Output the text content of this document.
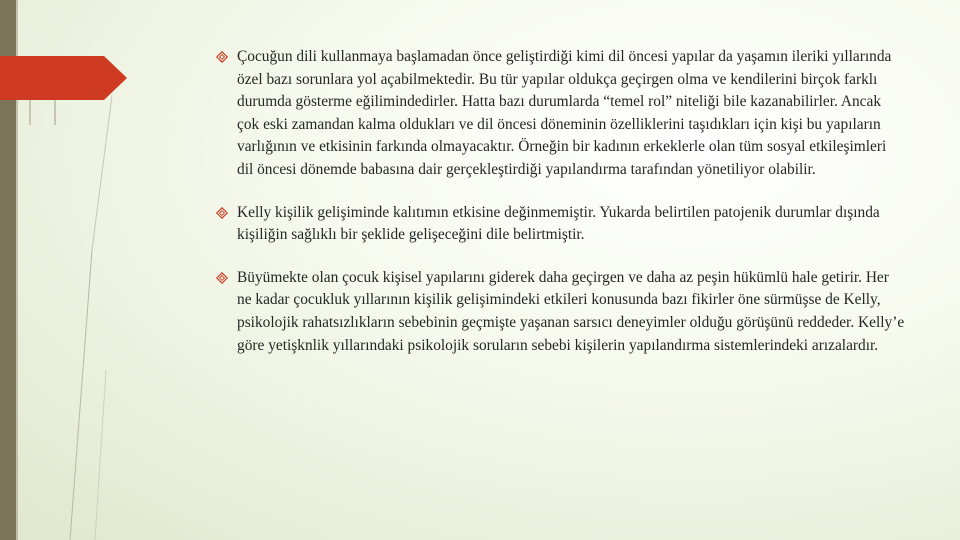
Çocuğun dili kullanmaya başlamadan önce geliştirdiği kimi dil öncesi yapılar da yaşamın ileriki yıllarında özel bazı sorunlara yol açabilmektedir. Bu tür yapılar oldukça geçirgen olma ve kendilerini birçok farklı durumda gösterme eğilimindedirler. Hatta bazı durumlarda “temel rol” niteliği bile kazanabilirler. Ancak çok eski zamandan kalma oldukları ve dil öncesi döneminin özelliklerini taşıdıkları için kişi bu yapıların varlığının ve etkisinin farkında olmayacaktır. Örneğin bir kadının erkeklerle olan tüm sosyal etkileşimleri dil öncesi dönemde babasına dair gerçekleştirdiği yapılandırma tarafından yönetiliyor olabilir.
Kelly kişilik gelişiminde kalıtımın etkisine değinmemiştir. Yukarda belirtilen patojenik durumlar dışında kişiliğin sağlıklı bir şeklide gelişeceğini dile belirtmiştir.
Büyümekte olan çocuk kişisel yapılarını giderek daha geçirgen ve daha az peşin hükümlü hale getirir. Her ne kadar çocukluk yıllarının kişilik gelişimindeki etkileri konusunda bazı fikirler öne sürmüşse de Kelly, psikolojik rahatsızlıkların sebebinin geçmişte yaşanan sarsıcı deneyimler olduğu görüşünü reddeder. Kelly’e göre yetişknlik yıllarındaki psikolojik soruların sebebi kişilerin yapılandırma sistemlerindeki arızalardır.
